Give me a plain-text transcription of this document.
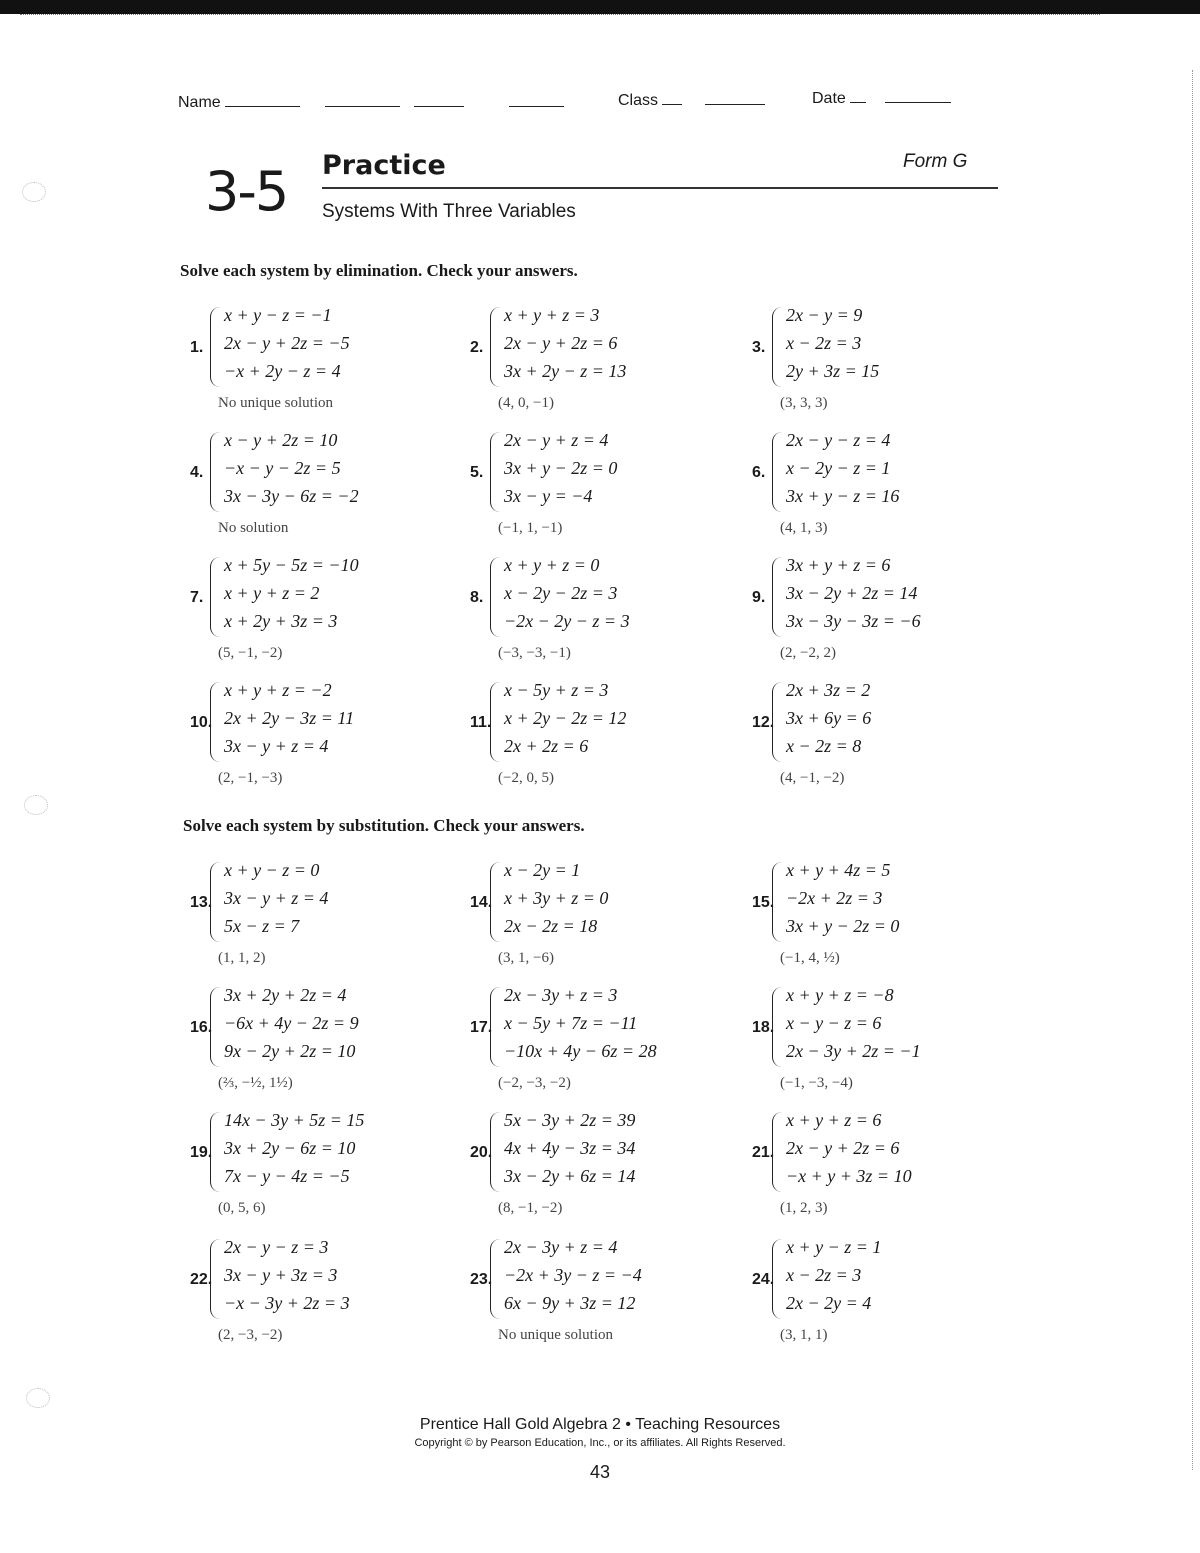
Name	Class	Date
3-5 Practice	Form G
Systems With Three Variables
Solve each system by elimination. Check your answers.
1.
x + y − z = −1
2x − y + 2z = −5
−x + 2y − z = 4
No unique solution
2.
x + y + z = 3
2x − y + 2z = 6
3x + 2y − z = 13
(4, 0, −1)
3.
2x − y = 9
x − 2z = 3
2y + 3z = 15
(3, 3, 3)
4.
x − y + 2z = 10
−x − y − 2z = 5
3x − 3y − 6z = −2
No solution
5.
2x − y + z = 4
3x + y − 2z = 0
3x − y = −4
(−1, 1, −1)
6.
2x − y − z = 4
x − 2y − z = 1
3x + y − z = 16
(4, 1, 3)
7.
x + 5y − 5z = −10
x + y + z = 2
x + 2y + 3z = 3
(5, −1, −2)
8.
x + y + z = 0
x − 2y − 2z = 3
−2x − 2y − z = 3
(−3, −3, −1)
9.
3x + y + z = 6
3x − 2y + 2z = 14
3x − 3y − 3z = −6
(2, −2, 2)
10.
x + y + z = −2
2x + 2y − 3z = 11
3x − y + z = 4
(2, −1, −3)
11.
x − 5y + z = 3
x + 2y − 2z = 12
2x + 2z = 6
(−2, 0, 5)
12.
2x + 3z = 2
3x + 6y = 6
x − 2z = 8
(4, −1, −2)
Solve each system by substitution. Check your answers.
13.
x + y − z = 0
3x − y + z = 4
5x − z = 7
(1, 1, 2)
14.
x − 2y = 1
x + 3y + z = 0
2x − 2z = 18
(3, 1, −6)
15.
x + y + 4z = 5
−2x + 2z = 3
3x + y − 2z = 0
(−1, 4, ½)
16.
3x + 2y + 2z = 4
−6x + 4y − 2z = 9
9x − 2y + 2z = 10
(⅔, −½, 1½)
17.
2x − 3y + z = 3
x − 5y + 7z = −11
−10x + 4y − 6z = 28
(−2, −3, −2)
18.
x + y + z = −8
x − y − z = 6
2x − 3y + 2z = −1
(−1, −3, −4)
19.
14x − 3y + 5z = 15
3x + 2y − 6z = 10
7x − y − 4z = −5
(0, 5, 6)
20.
5x − 3y + 2z = 39
4x + 4y − 3z = 34
3x − 2y + 6z = 14
(8, −1, −2)
21.
x + y + z = 6
2x − y + 2z = 6
−x + y + 3z = 10
(1, 2, 3)
22.
2x − y − z = 3
3x − y + 3z = 3
−x − 3y + 2z = 3
(2, −3, −2)
23.
2x − 3y + z = 4
−2x + 3y − z = −4
6x − 9y + 3z = 12
No unique solution
24.
x + y − z = 1
x − 2z = 3
2x − 2y = 4
(3, 1, 1)
Prentice Hall Gold Algebra 2 • Teaching Resources
Copyright © by Pearson Education, Inc., or its affiliates. All Rights Reserved.
43
